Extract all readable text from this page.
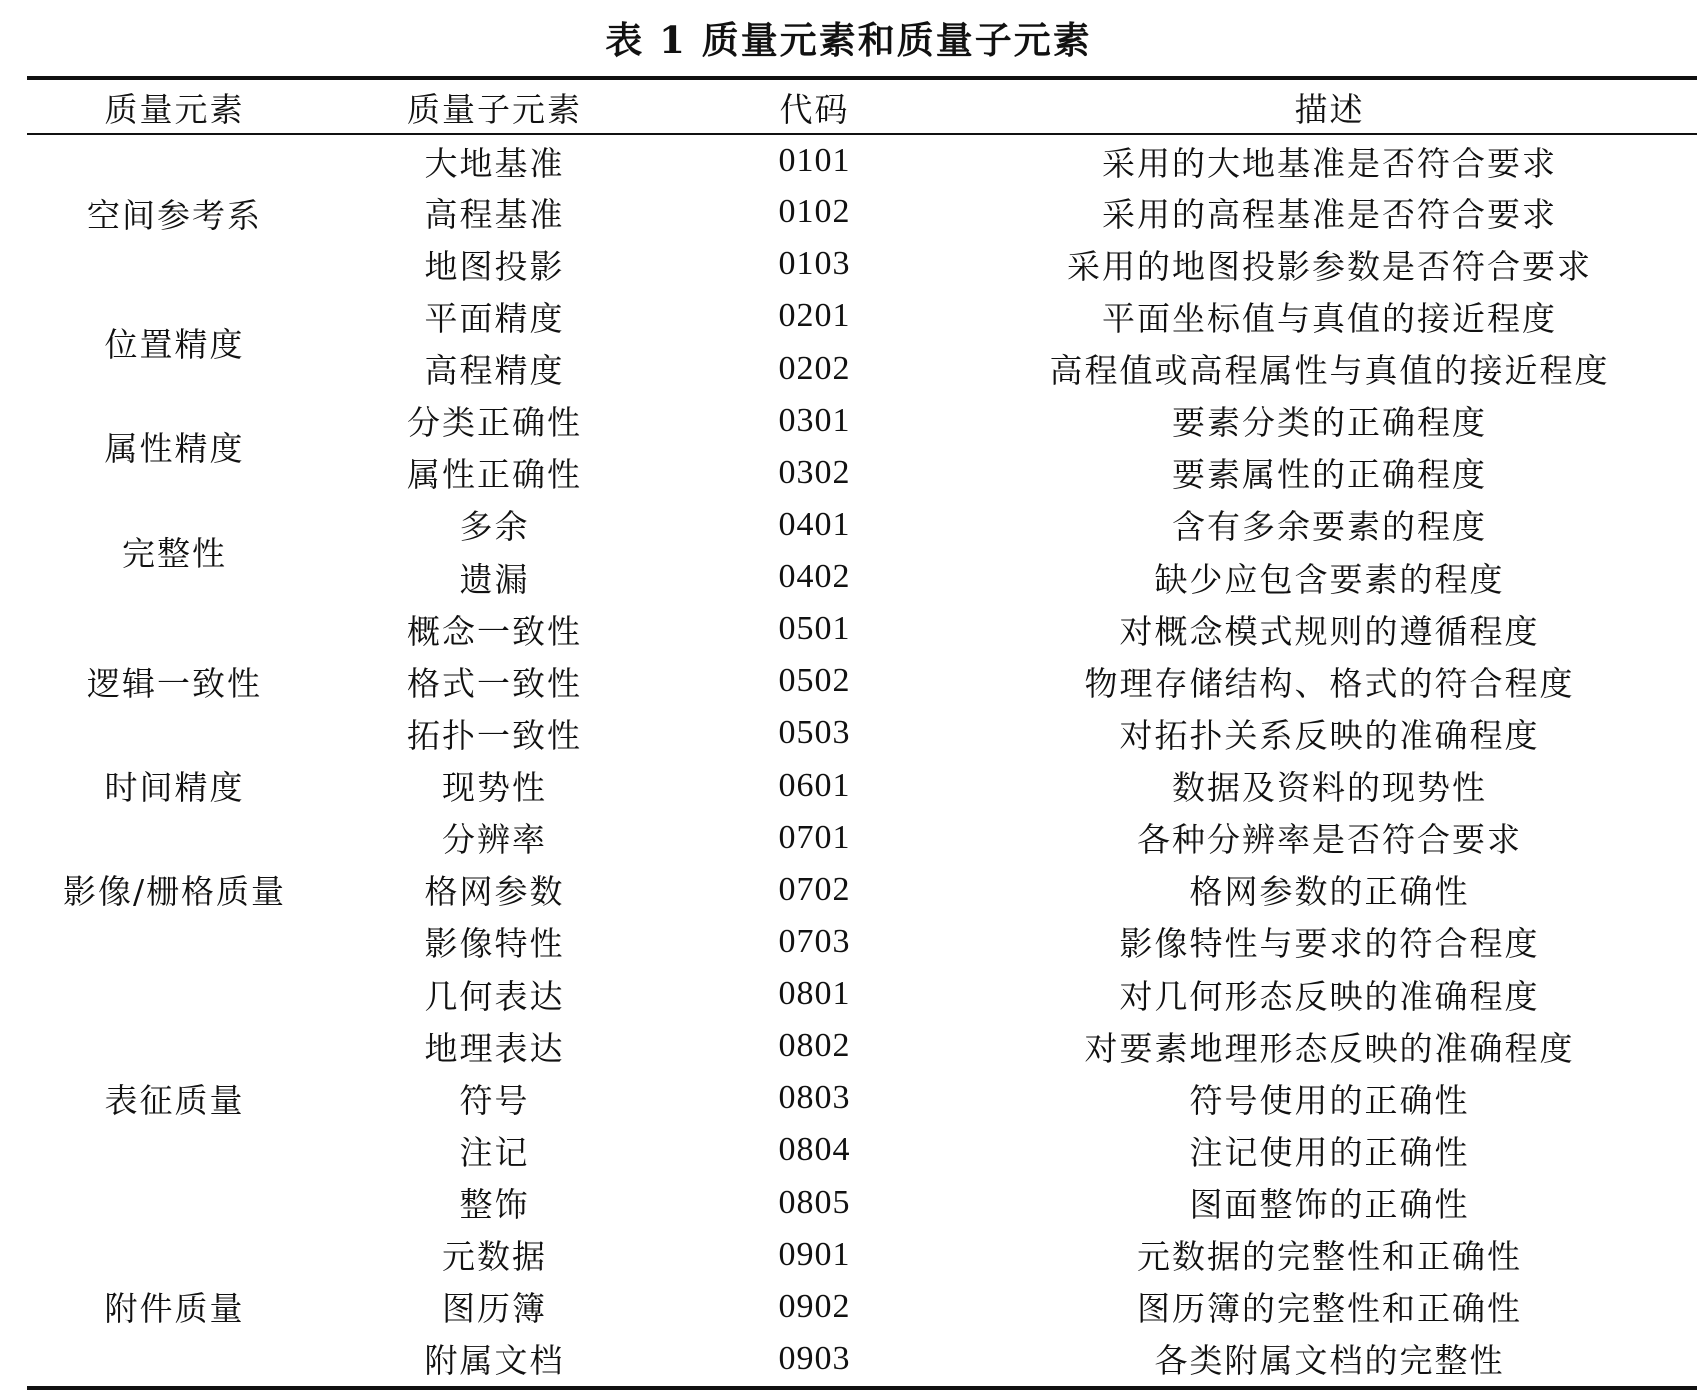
表 1 质量元素和质量子元素
质量元素	质量子元素	代码	描述
空间参考系	大地基准	0101	采用的大地基准是否符合要求
	高程基准	0102	采用的高程基准是否符合要求
	地图投影	0103	采用的地图投影参数是否符合要求
位置精度	平面精度	0201	平面坐标值与真值的接近程度
	高程精度	0202	高程值或高程属性与真值的接近程度
属性精度	分类正确性	0301	要素分类的正确程度
	属性正确性	0302	要素属性的正确程度
完整性	多余	0401	含有多余要素的程度
	遗漏	0402	缺少应包含要素的程度
逻辑一致性	概念一致性	0501	对概念模式规则的遵循程度
	格式一致性	0502	物理存储结构、格式的符合程度
	拓扑一致性	0503	对拓扑关系反映的准确程度
时间精度	现势性	0601	数据及资料的现势性
影像/栅格质量	分辨率	0701	各种分辨率是否符合要求
	格网参数	0702	格网参数的正确性
	影像特性	0703	影像特性与要求的符合程度
表征质量	几何表达	0801	对几何形态反映的准确程度
	地理表达	0802	对要素地理形态反映的准确程度
	符号	0803	符号使用的正确性
	注记	0804	注记使用的正确性
	整饰	0805	图面整饰的正确性
附件质量	元数据	0901	元数据的完整性和正确性
	图历簿	0902	图历簿的完整性和正确性
	附属文档	0903	各类附属文档的完整性
